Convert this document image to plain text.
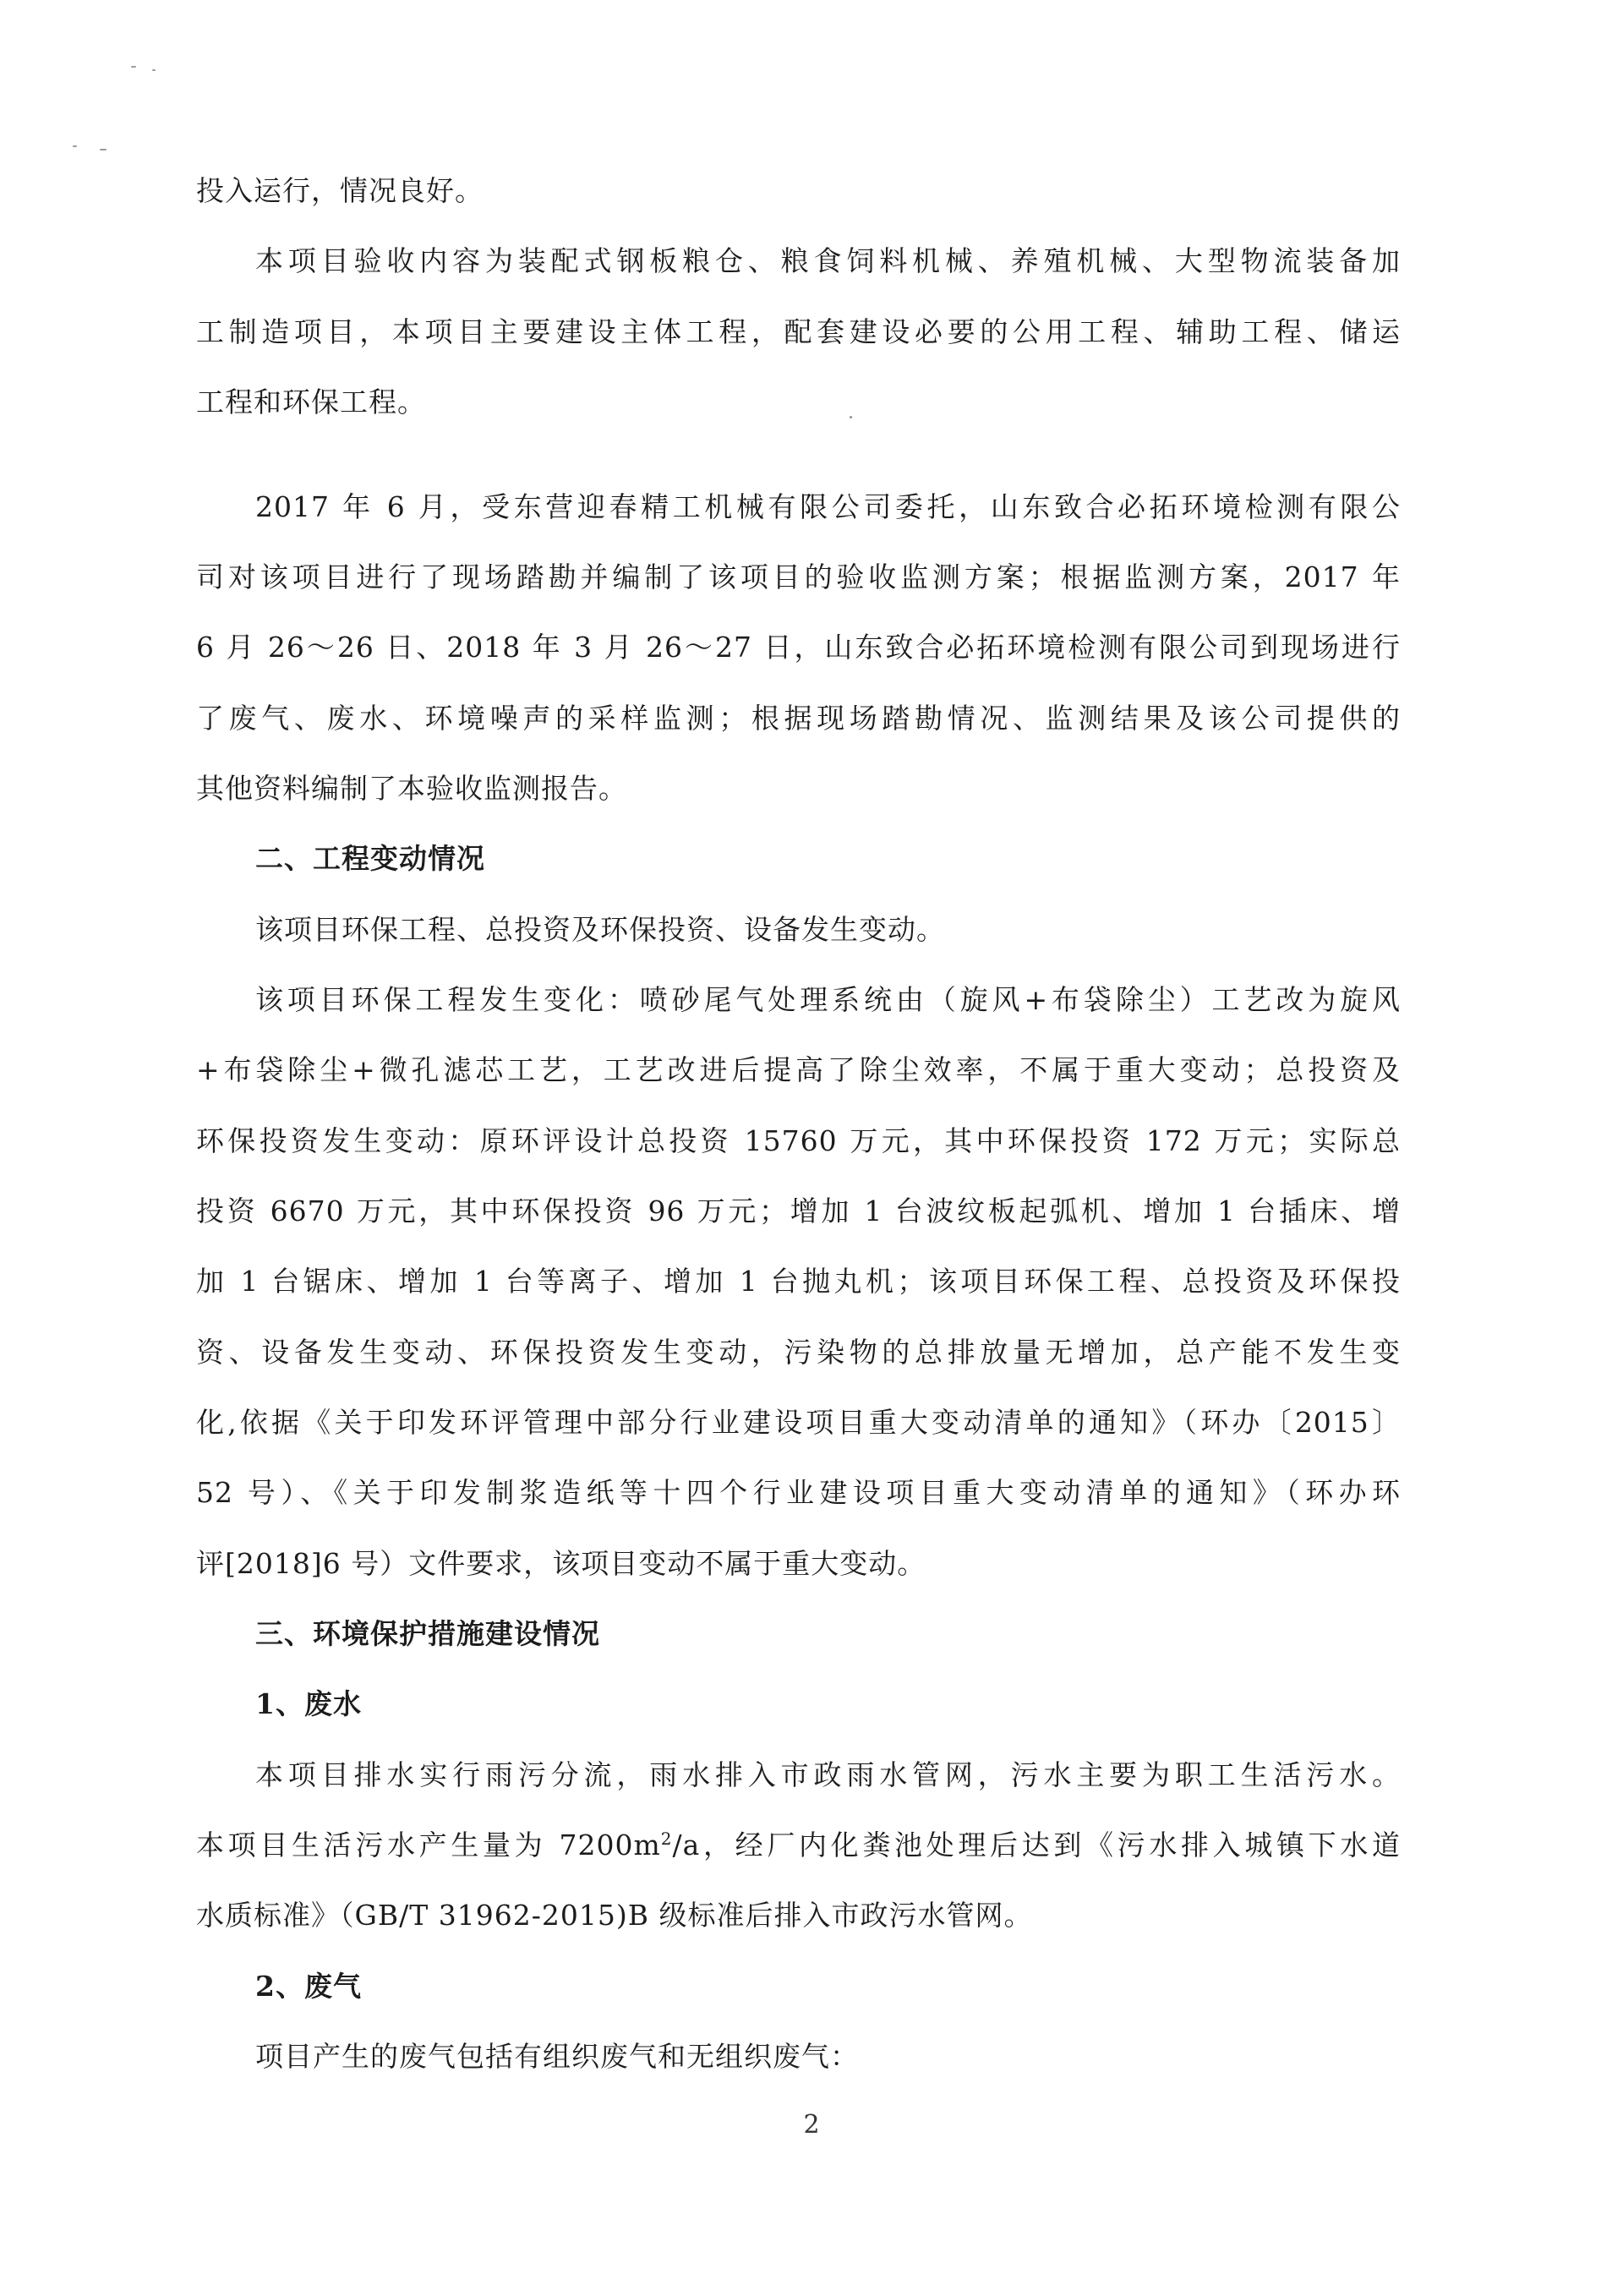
投入运行，情况良好。
本项目验收内容为装配式钢板粮仓、粮食饲料机械、养殖机械、大型物流装备加
工制造项目，本项目主要建设主体工程，配套建设必要的公用工程、辅助工程、储运
工程和环保工程。
2017 年 6 月，受东营迎春精工机械有限公司委托，山东致合必拓环境检测有限公
司对该项目进行了现场踏勘并编制了该项目的验收监测方案；根据监测方案，2017 年
6 月 26～26 日、2018 年 3 月 26～27 日，山东致合必拓环境检测有限公司到现场进行
了废气、废水、环境噪声的采样监测；根据现场踏勘情况、监测结果及该公司提供的
其他资料编制了本验收监测报告。
二、工程变动情况
该项目环保工程、总投资及环保投资、设备发生变动。
该项目环保工程发生变化：喷砂尾气处理系统由（旋风+布袋除尘）工艺改为旋风
+布袋除尘+微孔滤芯工艺，工艺改进后提高了除尘效率，不属于重大变动；总投资及
环保投资发生变动：原环评设计总投资 15760 万元，其中环保投资 172 万元；实际总
投资 6670 万元，其中环保投资 96 万元；增加 1 台波纹板起弧机、增加 1 台插床、增
加 1 台锯床、增加 1 台等离子、增加 1 台抛丸机；该项目环保工程、总投资及环保投
资、设备发生变动、环保投资发生变动，污染物的总排放量无增加，总产能不发生变
化,依据《关于印发环评管理中部分行业建设项目重大变动清单的通知》（环办〔2015〕
52 号）、《关于印发制浆造纸等十四个行业建设项目重大变动清单的通知》（环办环
评[2018]6 号）文件要求，该项目变动不属于重大变动。
三、环境保护措施建设情况
1、废水
本项目排水实行雨污分流，雨水排入市政雨水管网，污水主要为职工生活污水。
本项目生活污水产生量为 $7200m^2/a$，经厂内化粪池处理后达到《污水排入城镇下水道
水质标准》（GB/T 31962-2015)B 级标准后排入市政污水管网。
2、废气
项目产生的废气包括有组织废气和无组织废气：
2
